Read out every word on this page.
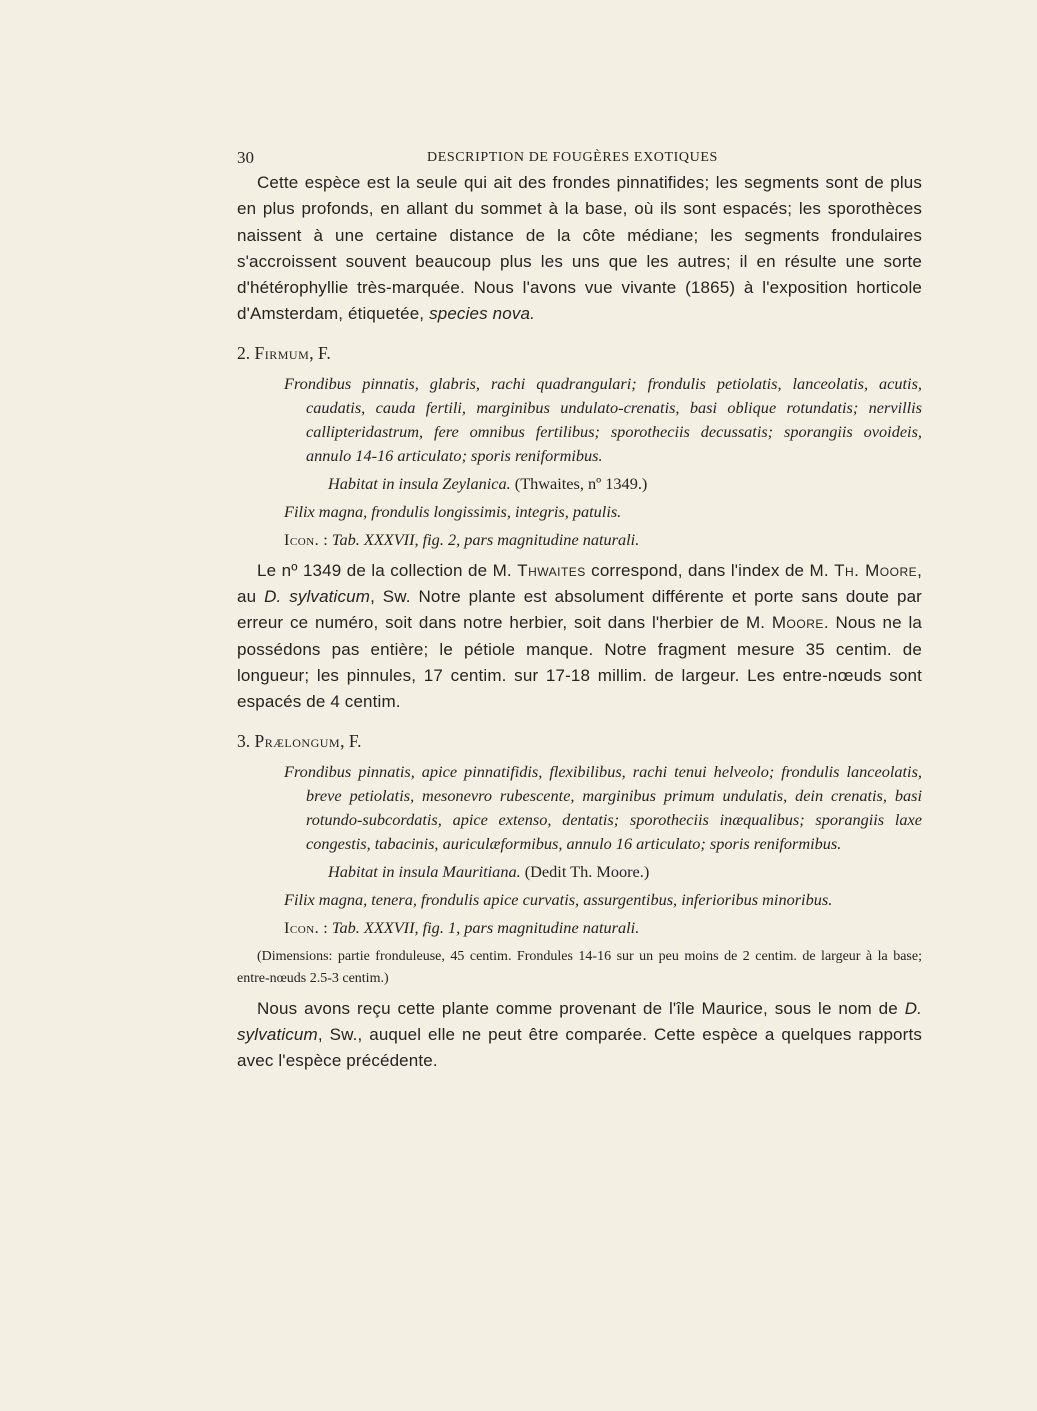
30	DESCRIPTION DE FOUGÈRES EXOTIQUES

Cette espèce est la seule qui ait des frondes pinnatifides; les segments sont de plus en plus profonds, en allant du sommet à la base, où ils sont espacés; les sporothèces naissent à une certaine distance de la côte médiane; les segments frondulaires s'accroissent souvent beaucoup plus les uns que les autres; il en résulte une sorte d'hétérophyllie très-marquée. Nous l'avons vue vivante (1865) à l'exposition horticole d'Amsterdam, étiquetée, species nova.

2. Firmum, F.

Frondibus pinnatis, glabris, rachi quadrangulari; frondulis petiolatis, lanceolatis, acutis, caudatis, cauda fertili, marginibus undulato-crenatis, basi oblique rotundatis; nervillis callipteridastrum, fere omnibus fertilibus; sporotheciis decussatis; sporangiis ovoideis, annulo 14-16 articulato; sporis reniformibus.

Habitat in insula Zeylanica. (Thwaites, nº 1349.)

Filix magna, frondulis longissimis, integris, patulis.

Icon. : Tab. XXXVII, fig. 2, pars magnitudine naturali.

Le nº 1349 de la collection de M. Thwaites correspond, dans l'index de M. Th. Moore, au D. sylvaticum, Sw. Notre plante est absolument différente et porte sans doute par erreur ce numéro, soit dans notre herbier, soit dans l'herbier de M. Moore. Nous ne la possédons pas entière; le pétiole manque. Notre fragment mesure 35 centim. de longueur; les pinnules, 17 centim. sur 17-18 millim. de largeur. Les entre-nœuds sont espacés de 4 centim.

3. Prælongum, F.

Frondibus pinnatis, apice pinnatifidis, flexibilibus, rachi tenui helveolo; frondulis lanceolatis, breve petiolatis, mesonevro rubescente, marginibus primum undulatis, dein crenatis, basi rotundo-subcordatis, apice extenso, dentatis; sporotheciis inæqualibus; sporangiis laxe congestis, tabacinis, auriculæformibus, annulo 16 articulato; sporis reniformibus.

Habitat in insula Mauritiana. (Dedit Th. Moore.)

Filix magna, tenera, frondulis apice curvatis, assurgentibus, inferioribus minoribus.

Icon. : Tab. XXXVII, fig. 1, pars magnitudine naturali.

(Dimensions: partie fronduleuse, 45 centim. Frondules 14-16 sur un peu moins de 2 centim. de largeur à la base; entre-nœuds 2.5-3 centim.)

Nous avons reçu cette plante comme provenant de l'île Maurice, sous le nom de D. sylvaticum, Sw., auquel elle ne peut être comparée. Cette espèce a quelques rapports avec l'espèce précédente.
